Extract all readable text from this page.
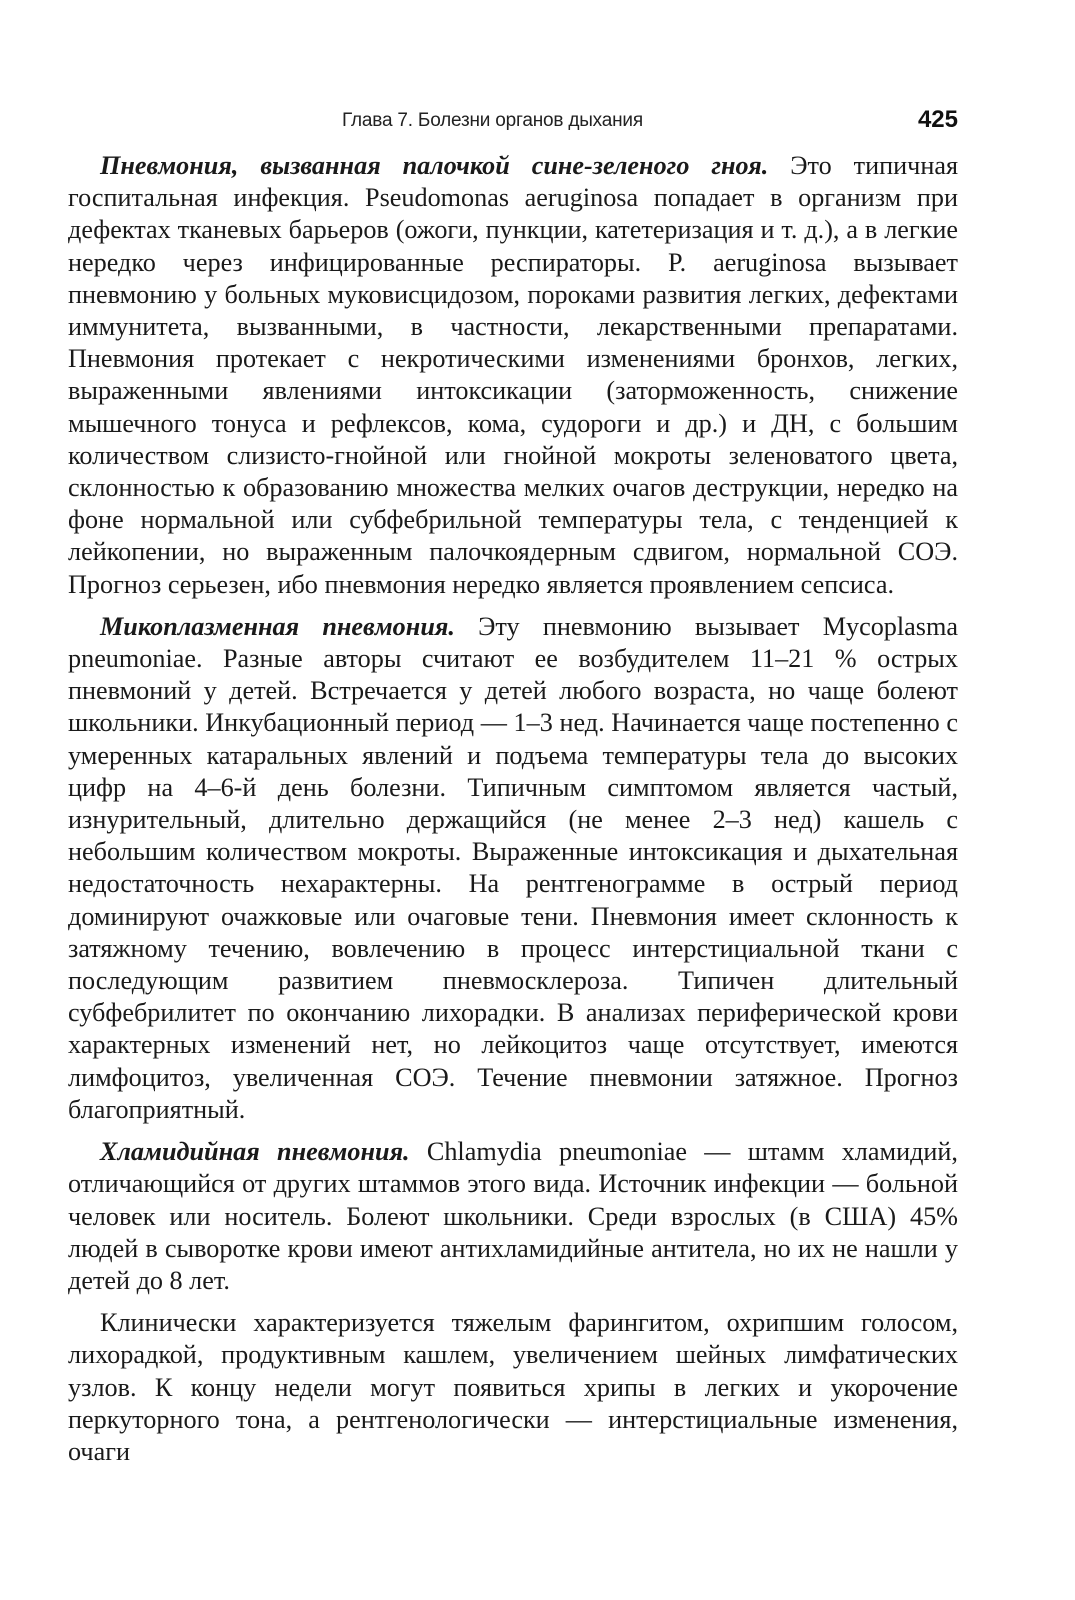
Глава 7. Болезни органов дыхания	425

Пневмония, вызванная палочкой сине-зеленого гноя. Это типичная госпитальная инфекция. Pseudomonas aeruginosa попадает в организм при дефектах тканевых барьеров (ожоги, пункции, катетеризация и т. д.), а в легкие нередко через инфицированные респираторы. P. aeruginosa вызывает пневмонию у больных муковисцидозом, пороками развития легких, дефектами иммунитета, вызванными, в частности, лекарственными препаратами. Пневмония протекает с некротическими изменениями бронхов, легких, выраженными явлениями интоксикации (заторможенность, снижение мышечного тонуса и рефлексов, кома, судороги и др.) и ДН, с большим количеством слизисто-гнойной или гнойной мокроты зеленоватого цвета, склонностью к образованию множества мелких очагов деструкции, нередко на фоне нормальной или субфебрильной температуры тела, с тенденцией к лейкопении, но выраженным палочкоядерным сдвигом, нормальной СОЭ. Прогноз серьезен, ибо пневмония нередко является проявлением сепсиса.

Микоплазменная пневмония. Эту пневмонию вызывает Mycoplasma pneumoniae. Разные авторы считают ее возбудителем 11–21 % острых пневмоний у детей. Встречается у детей любого возраста, но чаще болеют школьники. Инкубационный период — 1–3 нед. Начинается чаще постепенно с умеренных катаральных явлений и подъема температуры тела до высоких цифр на 4–6-й день болезни. Типичным симптомом является частый, изнурительный, длительно держащийся (не менее 2–3 нед) кашель с небольшим количеством мокроты. Выраженные интоксикация и дыхательная недостаточность нехарактерны. На рентгенограмме в острый период доминируют очажковые или очаговые тени. Пневмония имеет склонность к затяжному течению, вовлечению в процесс интерстициальной ткани с последующим развитием пневмосклероза. Типичен длительный субфебрилитет по окончанию лихорадки. В анализах периферической крови характерных изменений нет, но лейкоцитоз чаще отсутствует, имеются лимфоцитоз, увеличенная СОЭ. Течение пневмонии затяжное. Прогноз благоприятный.

Хламидийная пневмония. Chlamydia pneumoniae — штамм хламидий, отличающийся от других штаммов этого вида. Источник инфекции — больной человек или носитель. Болеют школьники. Среди взрослых (в США) 45% людей в сыворотке крови имеют антихламидийные антитела, но их не нашли у детей до 8 лет.

Клинически характеризуется тяжелым фарингитом, охрипшим голосом, лихорадкой, продуктивным кашлем, увеличением шейных лимфатических узлов. К концу недели могут появиться хрипы в легких и укорочение перкуторного тона, а рентгенологически — интерстициальные изменения, очаги
